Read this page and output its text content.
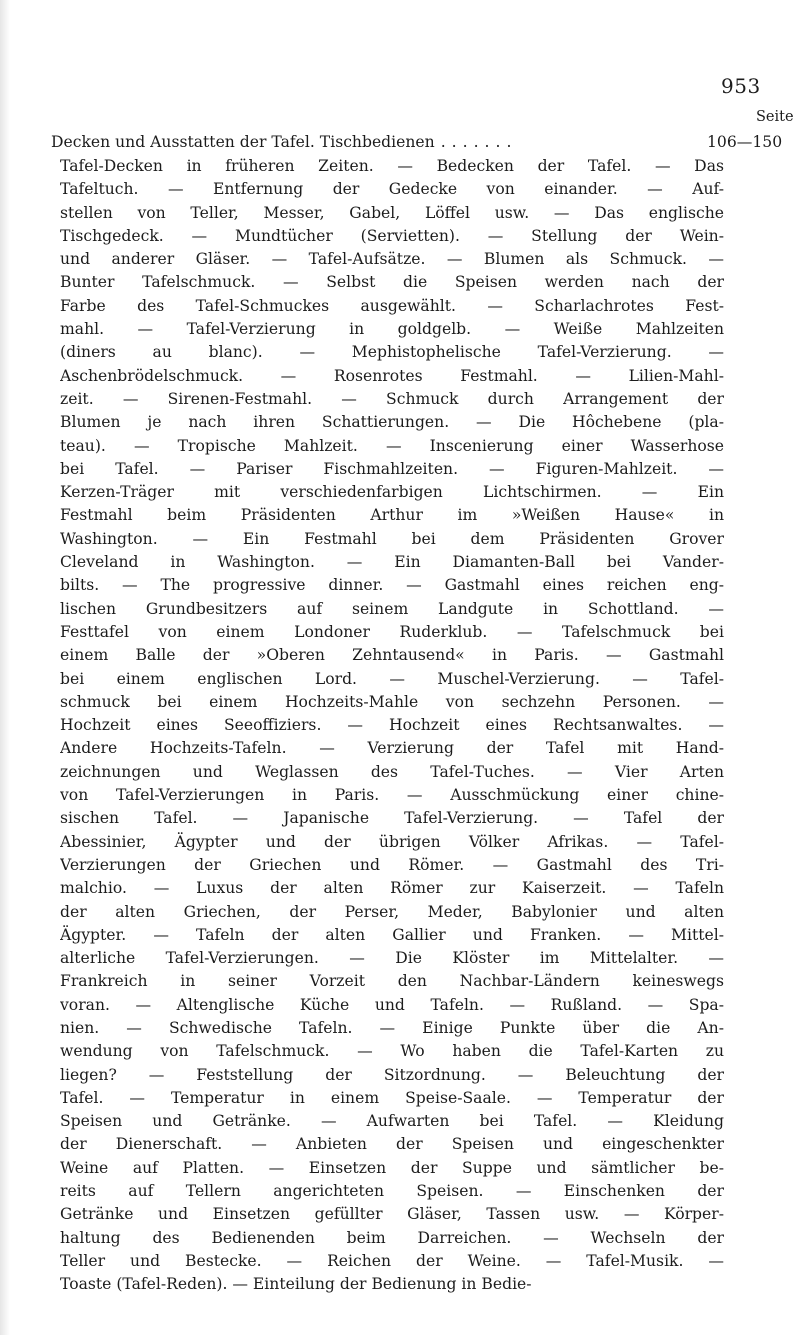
953
Seite
Decken und Ausstatten der Tafel. Tischbedienen .......	106—150
Tafel-Decken in früheren Zeiten. — Bedecken der Tafel. — Das
Tafeltuch. — Entfernung der Gedecke von einander. — Auf-
stellen von Teller, Messer, Gabel, Löffel usw. — Das englische
Tischgedeck. — Mundtücher (Servietten). — Stellung der Wein-
und anderer Gläser. — Tafel-Aufsätze. — Blumen als Schmuck. —
Bunter Tafelschmuck. — Selbst die Speisen werden nach der
Farbe des Tafel-Schmuckes ausgewählt. — Scharlachrotes Fest-
mahl. — Tafel-Verzierung in goldgelb. — Weiße Mahlzeiten
(diners au blanc). — Mephistophelische Tafel-Verzierung. —
Aschenbrödelschmuck. — Rosenrotes Festmahl. — Lilien-Mahl-
zeit. — Sirenen-Festmahl. — Schmuck durch Arrangement der
Blumen je nach ihren Schattierungen. — Die Hôchebene (pla-
teau). — Tropische Mahlzeit. — Inscenierung einer Wasserhose
bei Tafel. — Pariser Fischmahlzeiten. — Figuren-Mahlzeit. —
Kerzen-Träger mit verschiedenfarbigen Lichtschirmen. — Ein
Festmahl beim Präsidenten Arthur im »Weißen Hause« in
Washington. — Ein Festmahl bei dem Präsidenten Grover
Cleveland in Washington. — Ein Diamanten-Ball bei Vander-
bilts. — The progressive dinner. — Gastmahl eines reichen eng-
lischen Grundbesitzers auf seinem Landgute in Schottland. —
Festtafel von einem Londoner Ruderklub. — Tafelschmuck bei
einem Balle der »Oberen Zehntausend« in Paris. — Gastmahl
bei einem englischen Lord. — Muschel-Verzierung. — Tafel-
schmuck bei einem Hochzeits-Mahle von sechzehn Personen. —
Hochzeit eines Seeoffiziers. — Hochzeit eines Rechtsanwaltes. —
Andere Hochzeits-Tafeln. — Verzierung der Tafel mit Hand-
zeichnungen und Weglassen des Tafel-Tuches. — Vier Arten
von Tafel-Verzierungen in Paris. — Ausschmückung einer chine-
sischen Tafel. — Japanische Tafel-Verzierung. — Tafel der
Abessinier, Ägypter und der übrigen Völker Afrikas. — Tafel-
Verzierungen der Griechen und Römer. — Gastmahl des Tri-
malchio. — Luxus der alten Römer zur Kaiserzeit. — Tafeln
der alten Griechen, der Perser, Meder, Babylonier und alten
Ägypter. — Tafeln der alten Gallier und Franken. — Mittel-
alterliche Tafel-Verzierungen. — Die Klöster im Mittelalter. —
Frankreich in seiner Vorzeit den Nachbar-Ländern keineswegs
voran. — Altenglische Küche und Tafeln. — Rußland. — Spa-
nien. — Schwedische Tafeln. — Einige Punkte über die An-
wendung von Tafelschmuck. — Wo haben die Tafel-Karten zu
liegen? — Feststellung der Sitzordnung. — Beleuchtung der
Tafel. — Temperatur in einem Speise-Saale. — Temperatur der
Speisen und Getränke. — Aufwarten bei Tafel. — Kleidung
der Dienerschaft. — Anbieten der Speisen und eingeschenkter
Weine auf Platten. — Einsetzen der Suppe und sämtlicher be-
reits auf Tellern angerichteten Speisen. — Einschenken der
Getränke und Einsetzen gefüllter Gläser, Tassen usw. — Körper-
haltung des Bedienenden beim Darreichen. — Wechseln der
Teller und Bestecke. — Reichen der Weine. — Tafel-Musik. —
Toaste (Tafel-Reden). — Einteilung der Bedienung in Bedie-
